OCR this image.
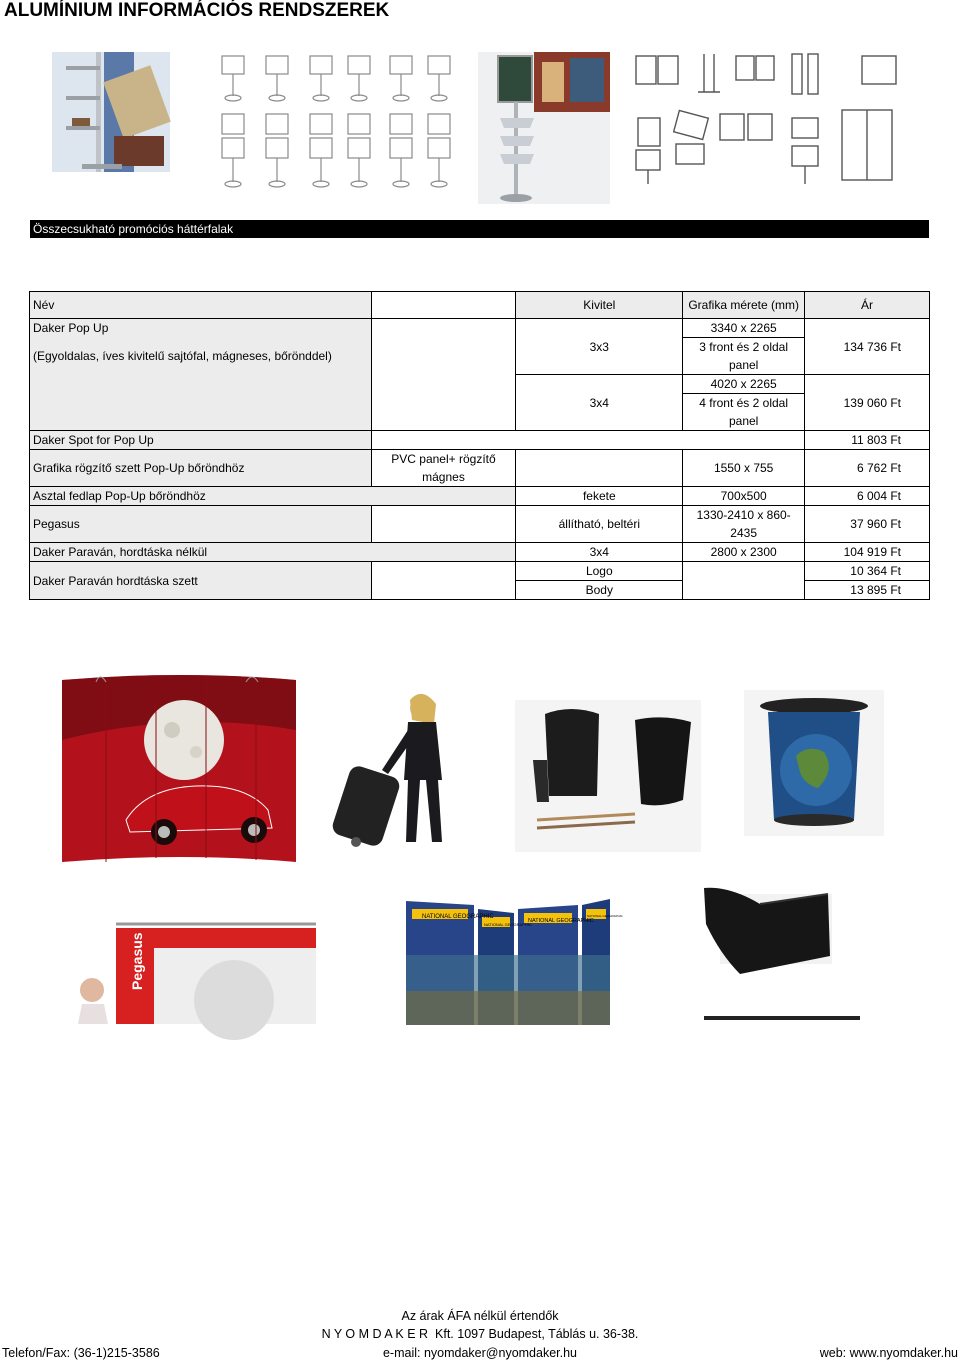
ALUMÍNIUM INFORMÁCIÓS RENDSZEREK
Összecsukható promóciós háttérfalak
Név		Kivitel	Grafika mérete (mm)	Ár
Daker Pop Up		3x3	3340 x 2265	134 736 Ft
(Egyoldalas, íves kivitelű sajtófal, mágneses, bőrönddel)			3 front és 2 oldal panel	

		3x4	4020 x 2265	139 060 Ft
			4 front és 2 oldal panel	

Daker Spot for Pop Up				11 803 Ft
Grafika rögzítő szett Pop-Up bőröndhöz	PVC panel+ rögzítő mágnes		1550 x 755	6 762 Ft
Asztal fedlap Pop-Up bőröndhöz		fekete	700x500	6 004 Ft
Pegasus		állítható, beltéri	1330-2410 x 860-2435	37 960 Ft
Daker Paraván, hordtáska nélkül		3x4	2800 x 2300	104 919 Ft
Daker Paraván hordtáska szett		Logo		10 364 Ft
		Body		13 895 Ft
Pegasus
NATIONAL GEOGRAPHIC
NATIONAL GEOGRAPHIC
NATIONAL GEOGRAPHIC
NATIONAL GEOGRAPHIC
Az árak ÁFA nélkül értendők
N Y O M D A K E R  Kft. 1097 Budapest, Táblás u. 36-38.
Telefon/Fax: (36-1)215-3586	e-mail: nyomdaker@nyomdaker.hu	web: www.nyomdaker.hu
